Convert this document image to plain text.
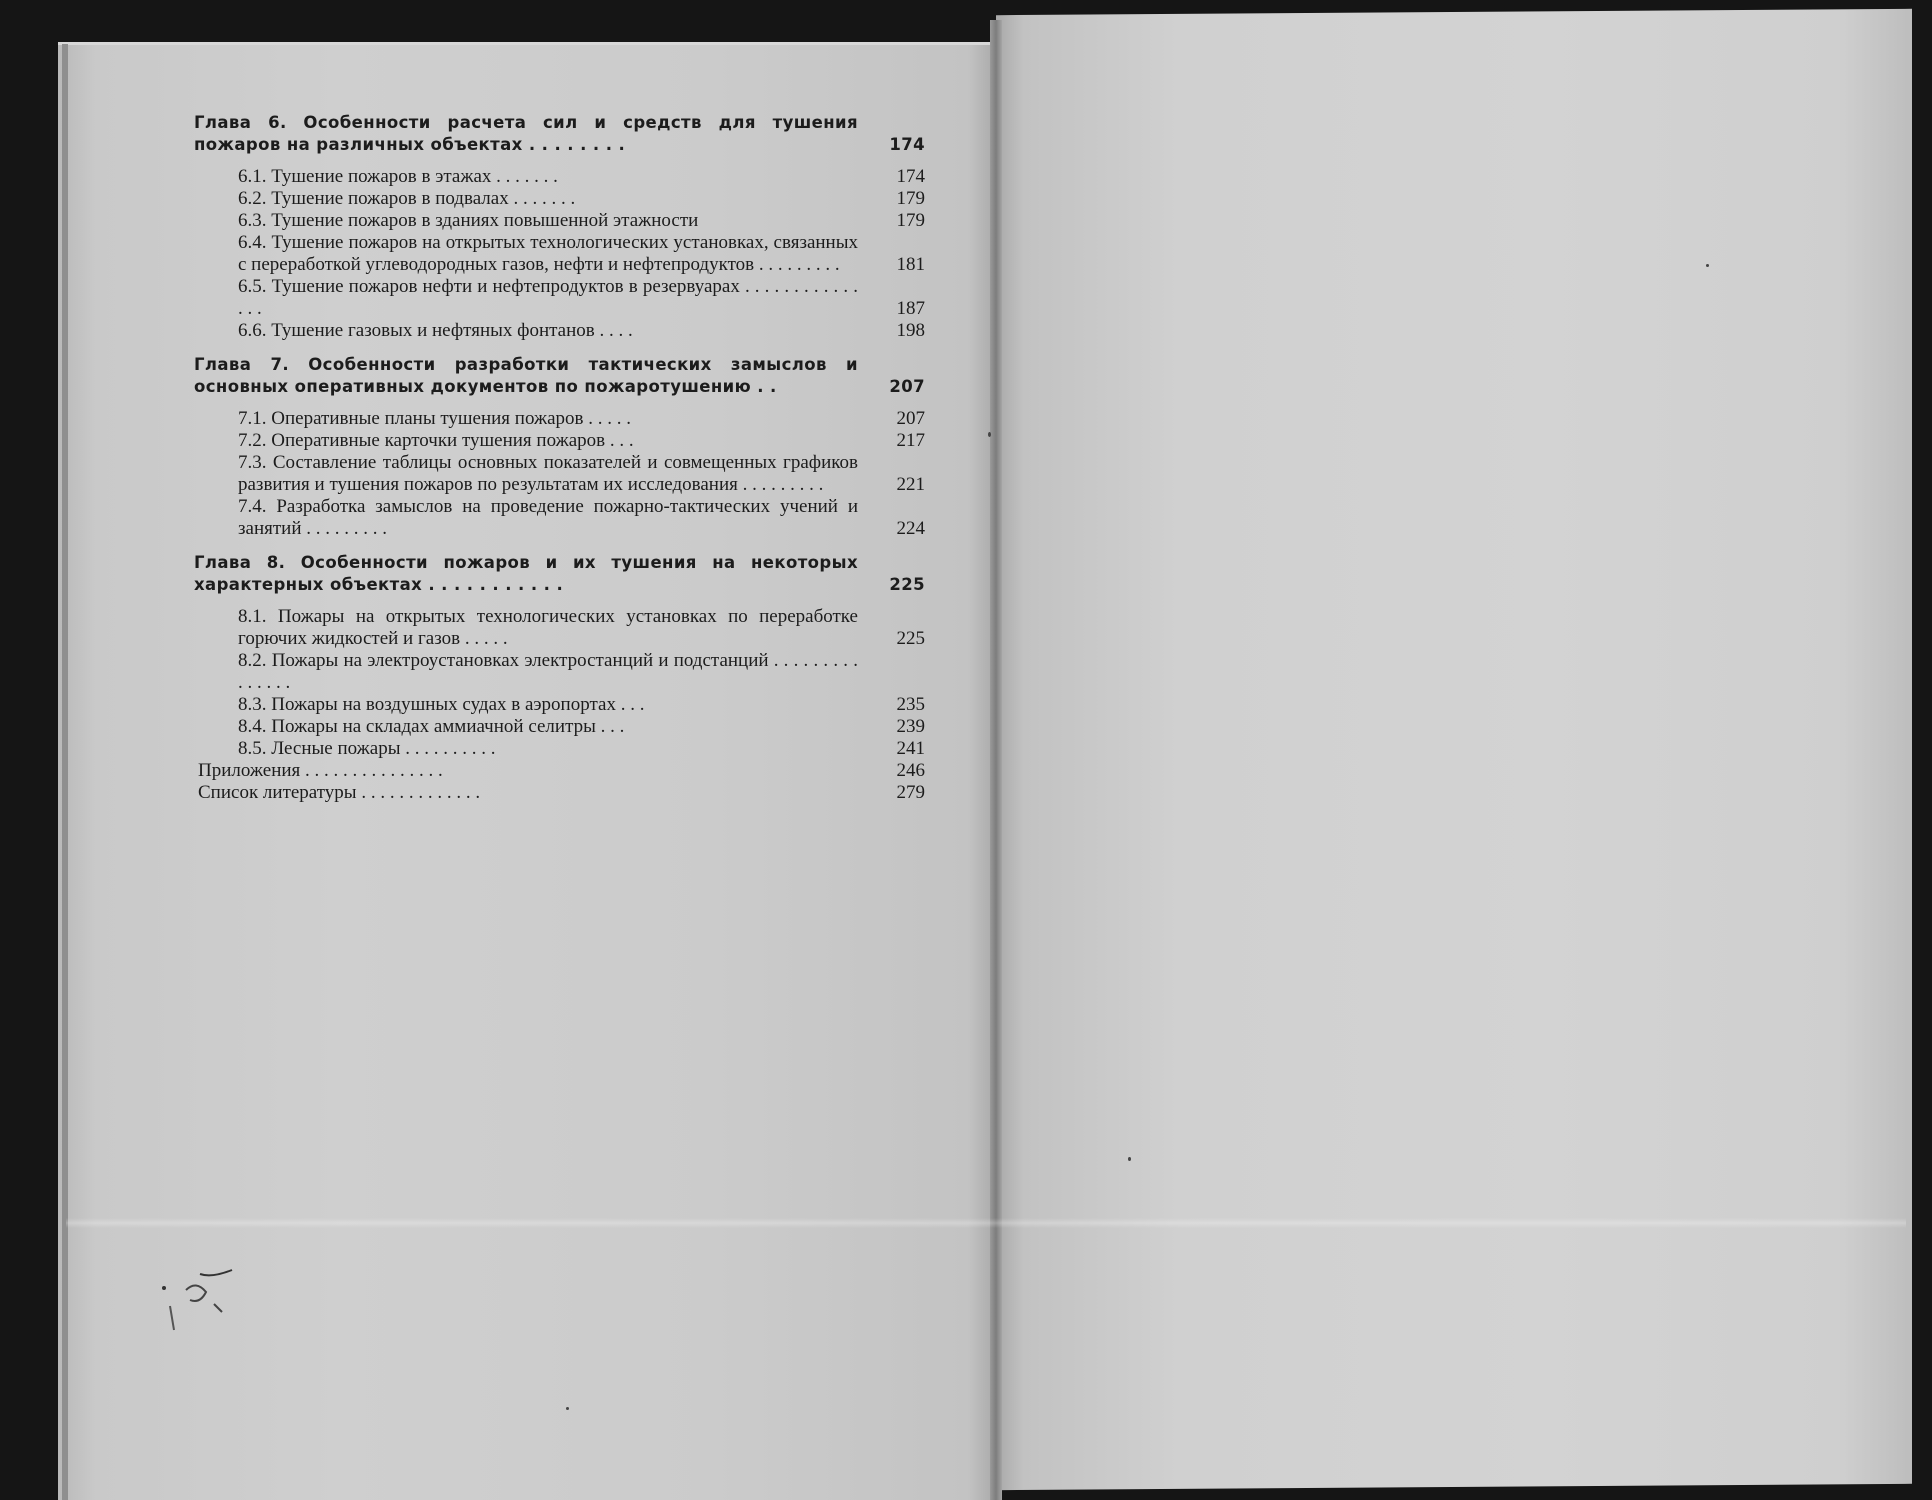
Глава 6. Особенности расчета сил и средств для тушения пожаров на различных объектах . . . . . . . .	174
6.1. Тушение пожаров в этажах . . . . . . .	174
6.2. Тушение пожаров в подвалах . . . . . . .	179
6.3. Тушение пожаров в зданиях повышенной этажности	179
6.4. Тушение пожаров на открытых технологических установках, связанных с переработкой углеводородных газов, нефти и нефтепродуктов . . . . . . . . .	181
6.5. Тушение пожаров нефти и нефтепродуктов в резервуарах . . . . . . . . . . . . . . .	187
6.6. Тушение газовых и нефтяных фонтанов . . . .	198
Глава 7. Особенности разработки тактических замыслов и основных оперативных документов по пожаротушению . .	207
7.1. Оперативные планы тушения пожаров . . . . .	207
7.2. Оперативные карточки тушения пожаров . . .	217
7.3. Составление таблицы основных показателей и совмещенных графиков развития и тушения пожаров по результатам их исследования . . . . . . . . .	221
7.4. Разработка замыслов на проведение пожарно-тактических учений и занятий . . . . . . . . .	224
Глава 8. Особенности пожаров и их тушения на некоторых характерных объектах . . . . . . . . . . .	225
8.1. Пожары на открытых технологических установках по переработке горючих жидкостей и газов . . . . .	225
8.2. Пожары на электроустановках электростанций и подстанций . . . . . . . . . . . . . . .
8.3. Пожары на воздушных судах в аэропортах . . .	235
8.4. Пожары на складах аммиачной селитры . . .	239
8.5. Лесные пожары . . . . . . . . . .	241
Приложения . . . . . . . . . . . . . . .	246
Список литературы . . . . . . . . . . . . .	279
